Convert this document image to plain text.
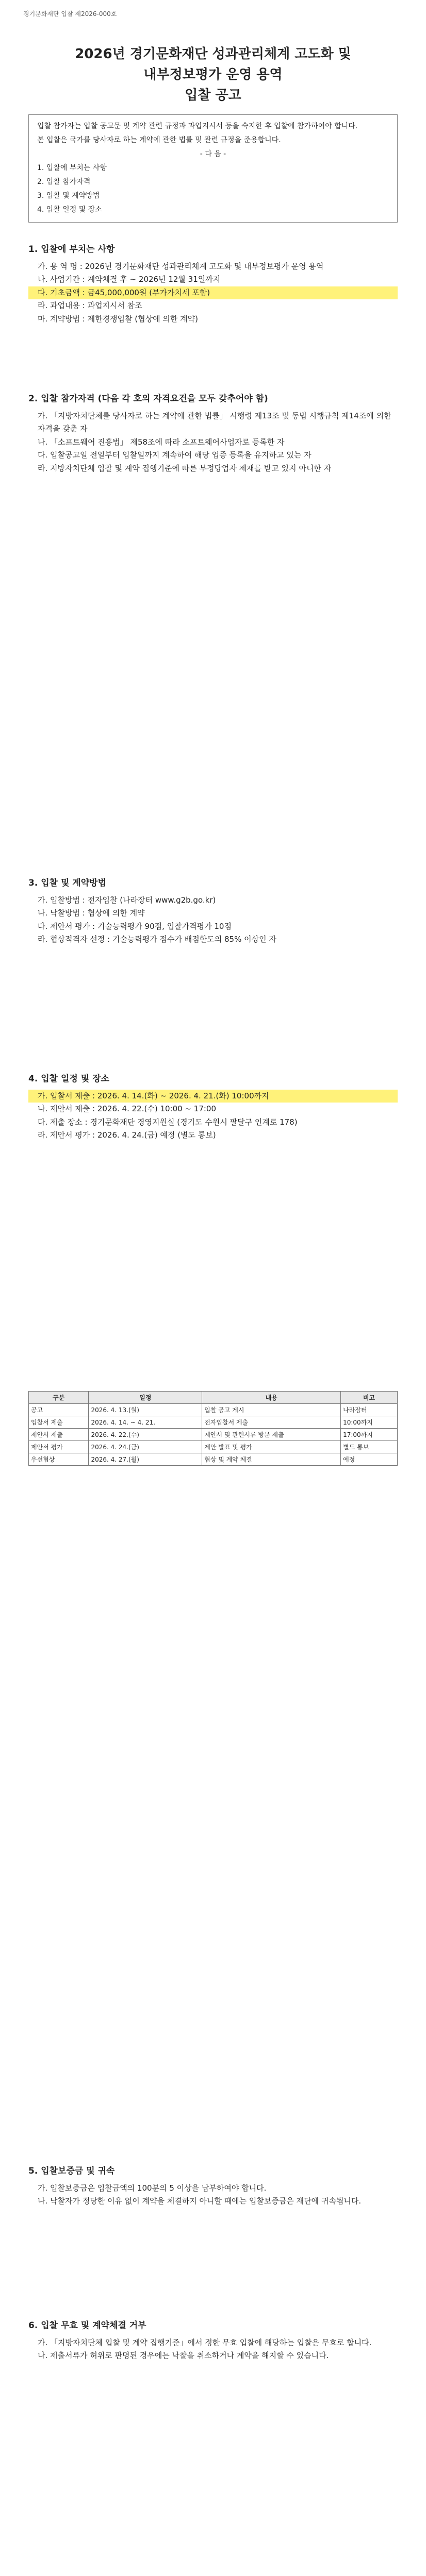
경기문화재단 입찰 제2026-000호
2026년 경기문화재단 성과관리체계 고도화 및
내부정보평가 운영 용역
입찰 공고

입찰 참가자는 입찰 공고문 및 계약 관련 규정과 과업지시서 등을 숙지한 후 입찰에 참가하여야 합니다.

본 입찰은 국가를 당사자로 하는 계약에 관한 법률 및 관련 규정을 준용합니다.

- 다 음 -

1. 입찰에 부치는 사항

2. 입찰 참가자격

3. 입찰 및 계약방법

4. 입찰 일정 및 장소

1. 입찰에 부치는 사항

가. 용 역 명 : 2026년 경기문화재단 성과관리체계 고도화 및 내부정보평가 운영 용역

나. 사업기간 : 계약체결 후 ~ 2026년 12월 31일까지

다. 기초금액 : 금45,000,000원 (부가가치세 포함)

라. 과업내용 : 과업지시서 참조

마. 계약방법 : 제한경쟁입찰 (협상에 의한 계약)

2. 입찰 참가자격 (다음 각 호의 자격요건을 모두 갖추어야 함)

가. 「지방자치단체를 당사자로 하는 계약에 관한 법률」 시행령 제13조 및 동법 시행규칙 제14조에 의한 자격을 갖춘 자

나. 「소프트웨어 진흥법」 제58조에 따라 소프트웨어사업자로 등록한 자

다. 입찰공고일 전일부터 입찰일까지 계속하여 해당 업종 등록을 유지하고 있는 자

라. 지방자치단체 입찰 및 계약 집행기준에 따른 부정당업자 제재를 받고 있지 아니한 자

3. 입찰 및 계약방법

가. 입찰방법 : 전자입찰 (나라장터 www.g2b.go.kr)

나. 낙찰방법 : 협상에 의한 계약

다. 제안서 평가 : 기술능력평가 90점, 입찰가격평가 10점

라. 협상적격자 선정 : 기술능력평가 점수가 배점한도의 85% 이상인 자

4. 입찰 일정 및 장소

가. 입찰서 제출 : 2026. 4. 14.(화) ~ 2026. 4. 21.(화) 10:00까지

나. 제안서 제출 : 2026. 4. 22.(수) 10:00 ~ 17:00

다. 제출 장소 : 경기문화재단 경영지원실 (경기도 수원시 팔달구 인계로 178)

라. 제안서 평가 : 2026. 4. 24.(금) 예정 (별도 통보)

구분	일정	내용	비고
공고	2026. 4. 13.(월)	입찰 공고 게시	나라장터
입찰서 제출	2026. 4. 14. ~ 4. 21.	전자입찰서 제출	10:00까지
제안서 제출	2026. 4. 22.(수)	제안서 및 관련서류 방문 제출	17:00까지
제안서 평가	2026. 4. 24.(금)	제안 발표 및 평가	별도 통보
우선협상	2026. 4. 27.(월)	협상 및 계약 체결	예정
5. 입찰보증금 및 귀속

가. 입찰보증금은 입찰금액의 100분의 5 이상을 납부하여야 합니다.

나. 낙찰자가 정당한 이유 없이 계약을 체결하지 아니할 때에는 입찰보증금은 재단에 귀속됩니다.

6. 입찰 무효 및 계약체결 거부

가. 「지방자치단체 입찰 및 계약 집행기준」에서 정한 무효 입찰에 해당하는 입찰은 무효로 합니다.

나. 제출서류가 허위로 판명된 경우에는 낙찰을 취소하거나 계약을 해지할 수 있습니다.
